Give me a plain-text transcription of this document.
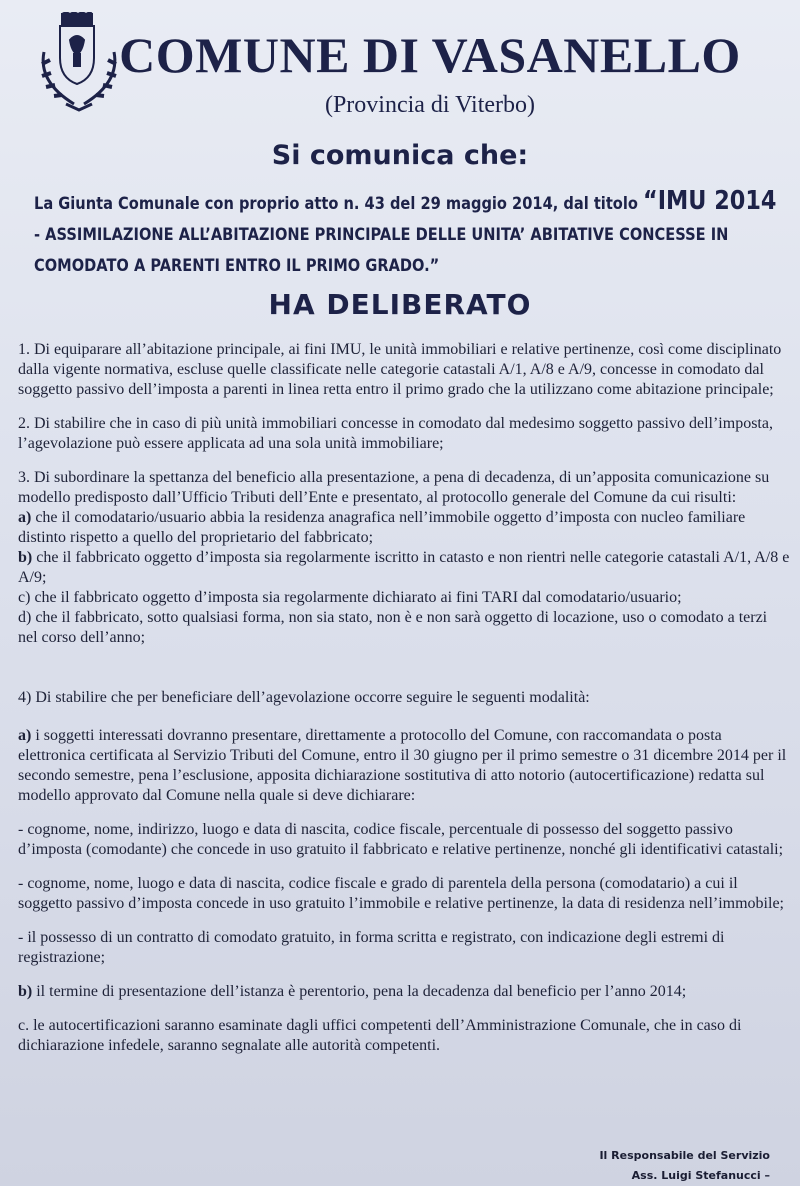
COMUNE DI VASANELLO
(Provincia di Viterbo)
Si comunica che:
La Giunta Comunale con proprio atto n. 43 del 29 maggio 2014, dal titolo “IMU 2014 - ASSIMILAZIONE ALL’ABITAZIONE PRINCIPALE DELLE UNITA’ ABITATIVE CONCESSE IN COMODATO A PARENTI ENTRO IL PRIMO GRADO.”
HA DELIBERATO

1. Di equiparare all’abitazione principale, ai fini IMU, le unità immobiliari e relative pertinenze, così come disciplinato dalla vigente normativa, escluse quelle classificate nelle categorie catastali A/1, A/8 e A/9, concesse in comodato dal soggetto passivo dell’imposta a parenti in linea retta entro il primo grado che la utilizzano come abitazione principale;

2. Di stabilire che in caso di più unità immobiliari concesse in comodato dal medesimo soggetto passivo dell’imposta, l’agevolazione può essere applicata ad una sola unità immobiliare;

3. Di subordinare la spettanza del beneficio alla presentazione, a pena di decadenza, di un’apposita comunicazione su modello predisposto dall’Ufficio Tributi dell’Ente e presentato, al protocollo generale del Comune da cui risulti:

a) che il comodatario/usuario abbia la residenza anagrafica nell’immobile oggetto d’imposta con nucleo familiare distinto rispetto a quello del proprietario del fabbricato;

b) che il fabbricato oggetto d’imposta sia regolarmente iscritto in catasto e non rientri nelle categorie catastali A/1, A/8 e A/9;

c) che il fabbricato oggetto d’imposta sia regolarmente dichiarato ai fini TARI dal comodatario/usuario;

d) che il fabbricato, sotto qualsiasi forma, non sia stato, non è e non sarà oggetto di locazione, uso o comodato a terzi nel corso dell’anno;

4) Di stabilire che per beneficiare dell’agevolazione occorre seguire le seguenti modalità:

a) i soggetti interessati dovranno presentare, direttamente a protocollo del Comune, con raccomandata o posta elettronica certificata al Servizio Tributi del Comune, entro il 30 giugno per il primo semestre o 31 dicembre 2014 per il secondo semestre, pena l’esclusione, apposita dichiarazione sostitutiva di atto notorio (autocertificazione) redatta sul modello approvato dal Comune nella quale si deve dichiarare:

- cognome, nome, indirizzo, luogo e data di nascita, codice fiscale, percentuale di possesso del soggetto passivo d’imposta (comodante) che concede in uso gratuito il fabbricato e relative pertinenze, nonché gli identificativi catastali;

- cognome, nome, luogo e data di nascita, codice fiscale e grado di parentela della persona (comodatario) a cui il soggetto passivo d’imposta concede in uso gratuito l’immobile e relative pertinenze, la data di residenza nell’immobile;

- il possesso di un contratto di comodato gratuito, in forma scritta e registrato, con indicazione degli estremi di registrazione;

b) il termine di presentazione dell’istanza è perentorio, pena la decadenza dal beneficio per l’anno 2014;

c. le autocertificazioni saranno esaminate dagli uffici competenti dell’Amministrazione Comunale, che in caso di dichiarazione infedele, saranno segnalate alle autorità competenti.

Il Responsabile del Servizio
Ass. Luigi Stefanucci –
